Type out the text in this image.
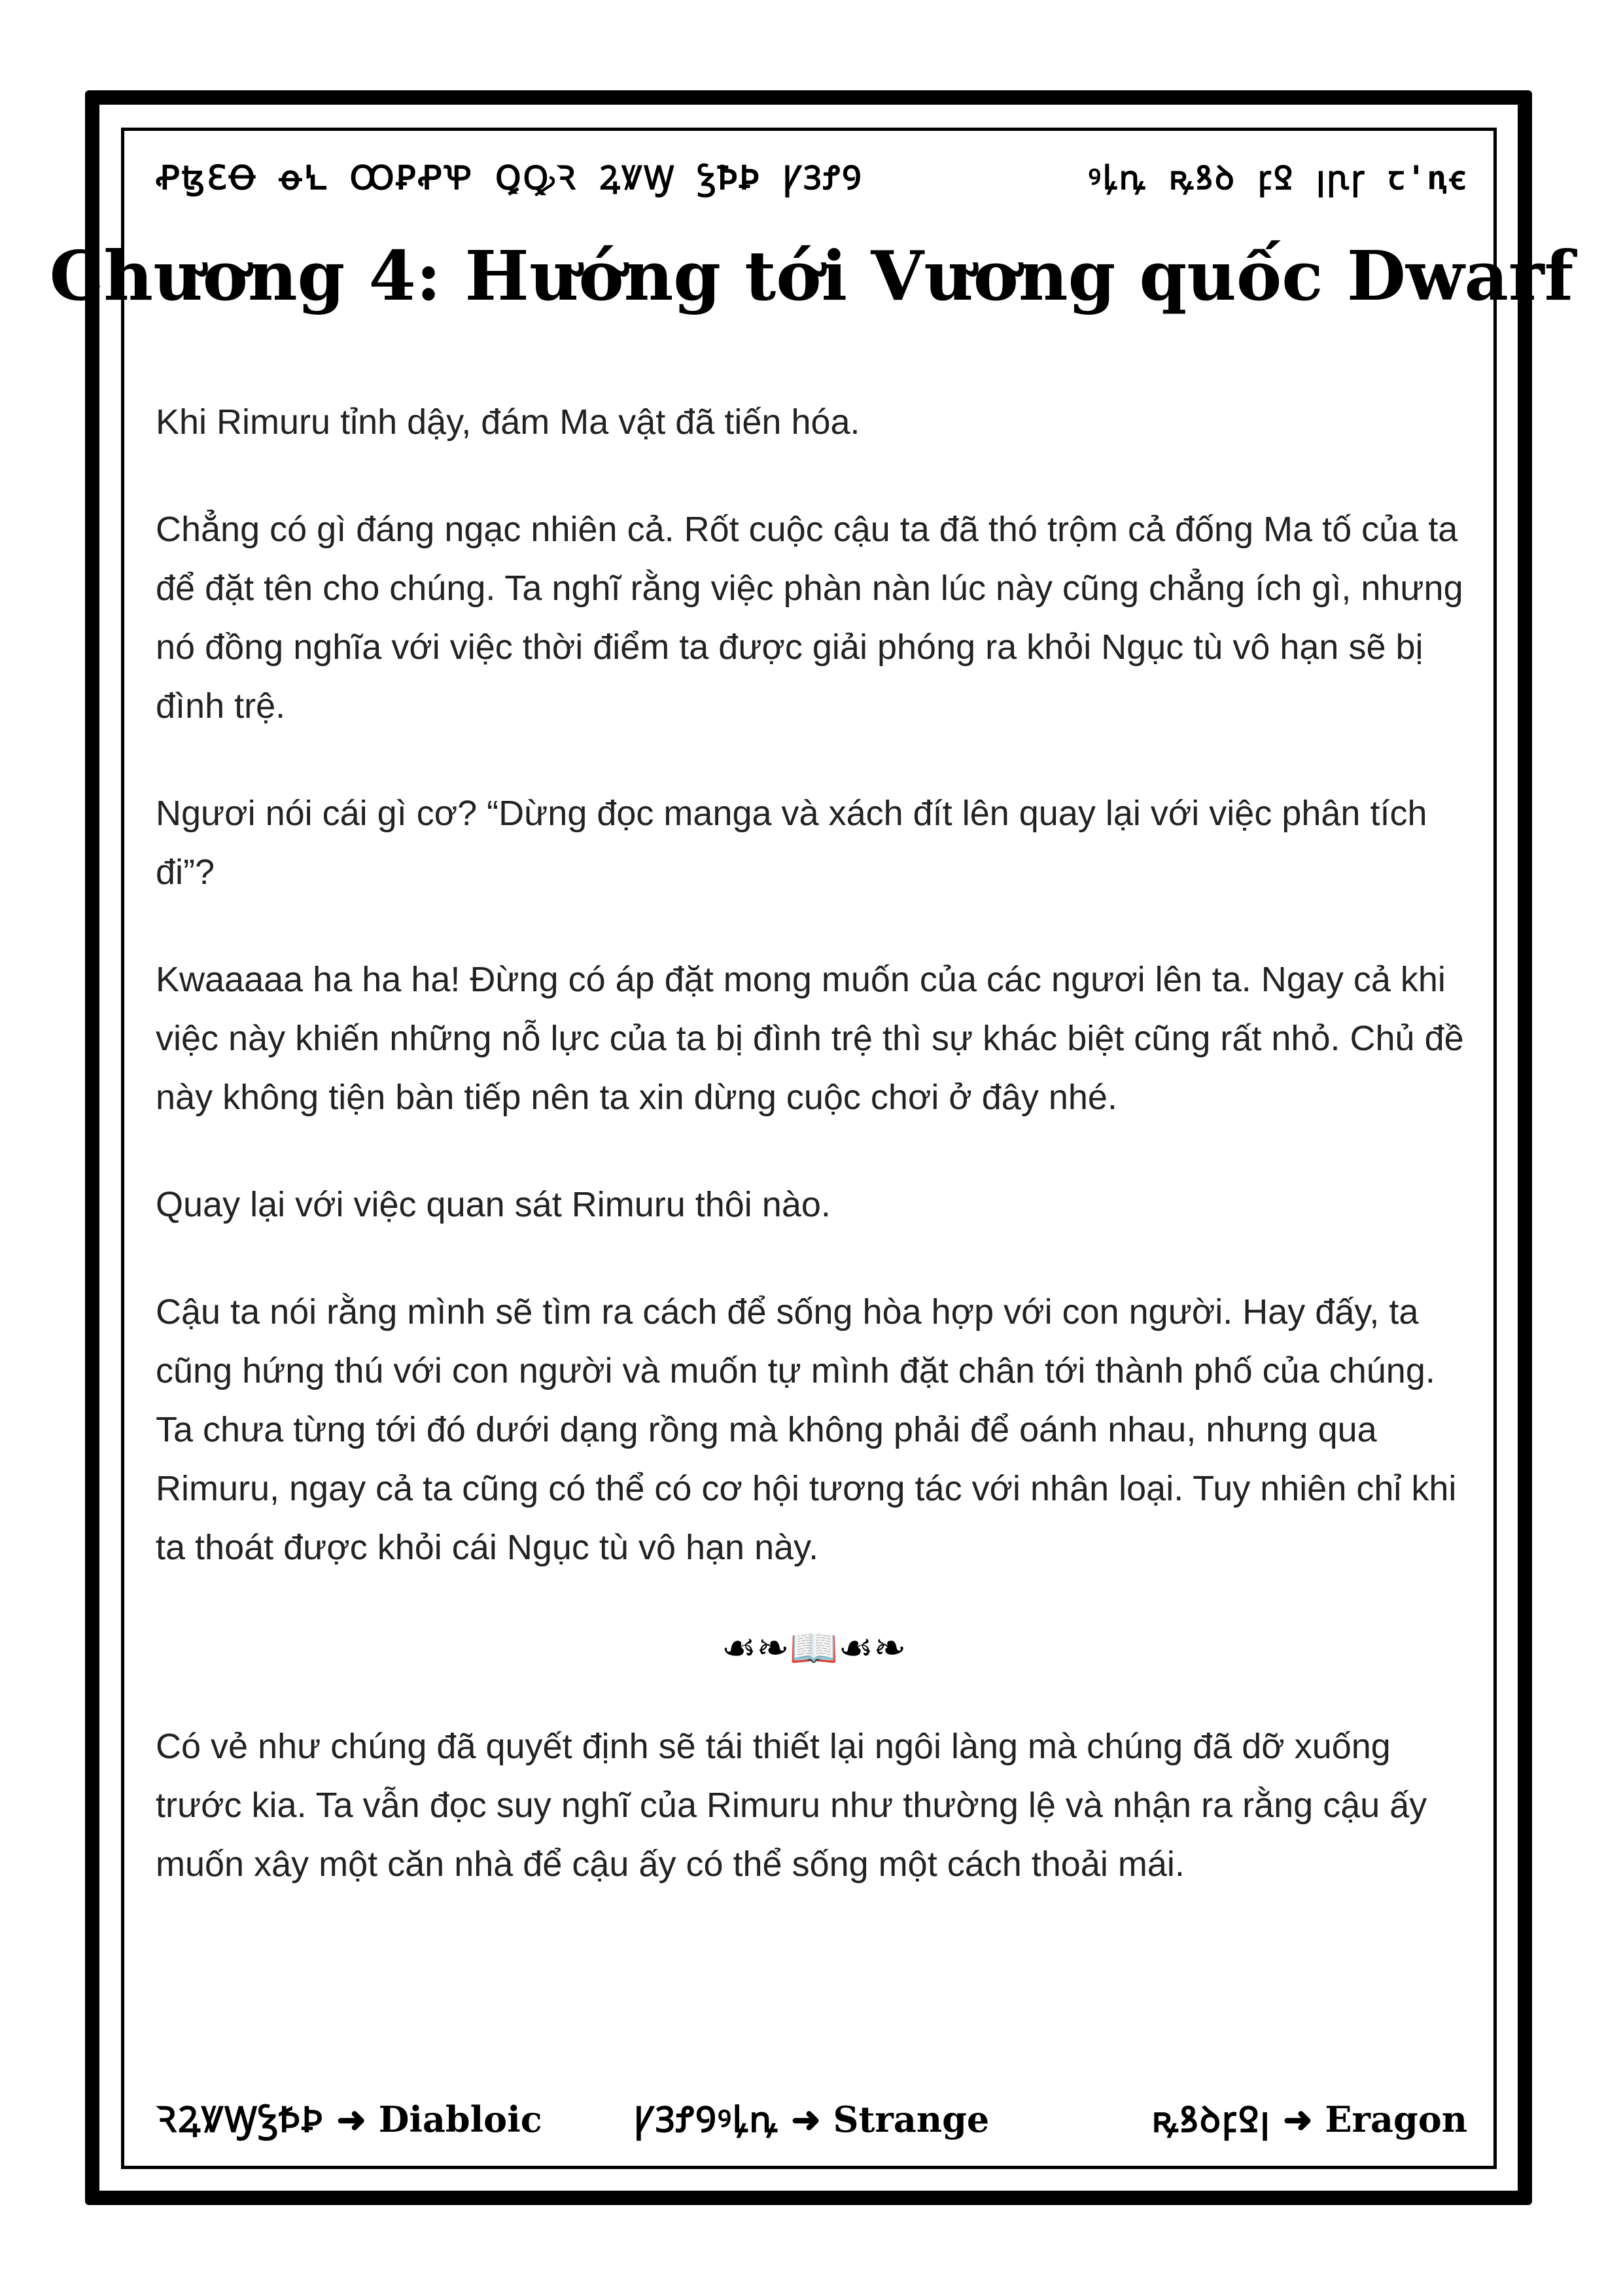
ꝒꜩꜪꝊ ꝋꝆ ꝎꝐꝒꝔ ꝖꝘꝚ ꝜꝞꝠ ꝢꝤꝦ ꝨꝪꝬꝮ	ꝰꝲꝴ ꝶꝸꝺ ꝼꝾ ꞁꞃꞅ ꞇꞌꞑꞓ
Chương 4: Hướng tới Vương quốc Dwarf

Khi Rimuru tỉnh dậy, đám Ma vật đã tiến hóa.

Chẳng có gì đáng ngạc nhiên cả. Rốt cuộc cậu ta đã thó trộm cả đống Ma tố của ta để đặt tên cho chúng. Ta nghĩ rằng việc phàn nàn lúc này cũng chẳng ích gì, nhưng nó đồng nghĩa với việc thời điểm ta được giải phóng ra khỏi Ngục tù vô hạn sẽ bị đình trệ.

Ngươi nói cái gì cơ? “Dừng đọc manga và xách đít lên quay lại với việc phân tích đi”?

Kwaaaaa ha ha ha! Đừng có áp đặt mong muốn của các ngươi lên ta. Ngay cả khi việc này khiến những nỗ lực của ta bị đình trệ thì sự khác biệt cũng rất nhỏ. Chủ đề này không tiện bàn tiếp nên ta xin dừng cuộc chơi ở đây nhé.

Quay lại với việc quan sát Rimuru thôi nào.

Cậu ta nói rằng mình sẽ tìm ra cách để sống hòa hợp với con người. Hay đấy, ta cũng hứng thú với con người và muốn tự mình đặt chân tới thành phố của chúng. Ta chưa từng tới đó dưới dạng rồng mà không phải để oánh nhau, nhưng qua Rimuru, ngay cả ta cũng có thể có cơ hội tương tác với nhân loại. Tuy nhiên chỉ khi ta thoát được khỏi cái Ngục tù vô hạn này.

☙❧📖☙❧

Có vẻ như chúng đã quyết định sẽ tái thiết lại ngôi làng mà chúng đã dỡ xuống trước kia. Ta vẫn đọc suy nghĩ của Rimuru như thường lệ và nhận ra rằng cậu ấy muốn xây một căn nhà để cậu ấy có thể sống một cách thoải mái.

ꝚꝜꝞꝠꝢꝤꝦ ➜ Diabloic	ꝨꝪꝬꝮꝰꝲꝴ ➜ Strange	ꝶꝸꝺꝼꝾꞁ ➜ Eragon
